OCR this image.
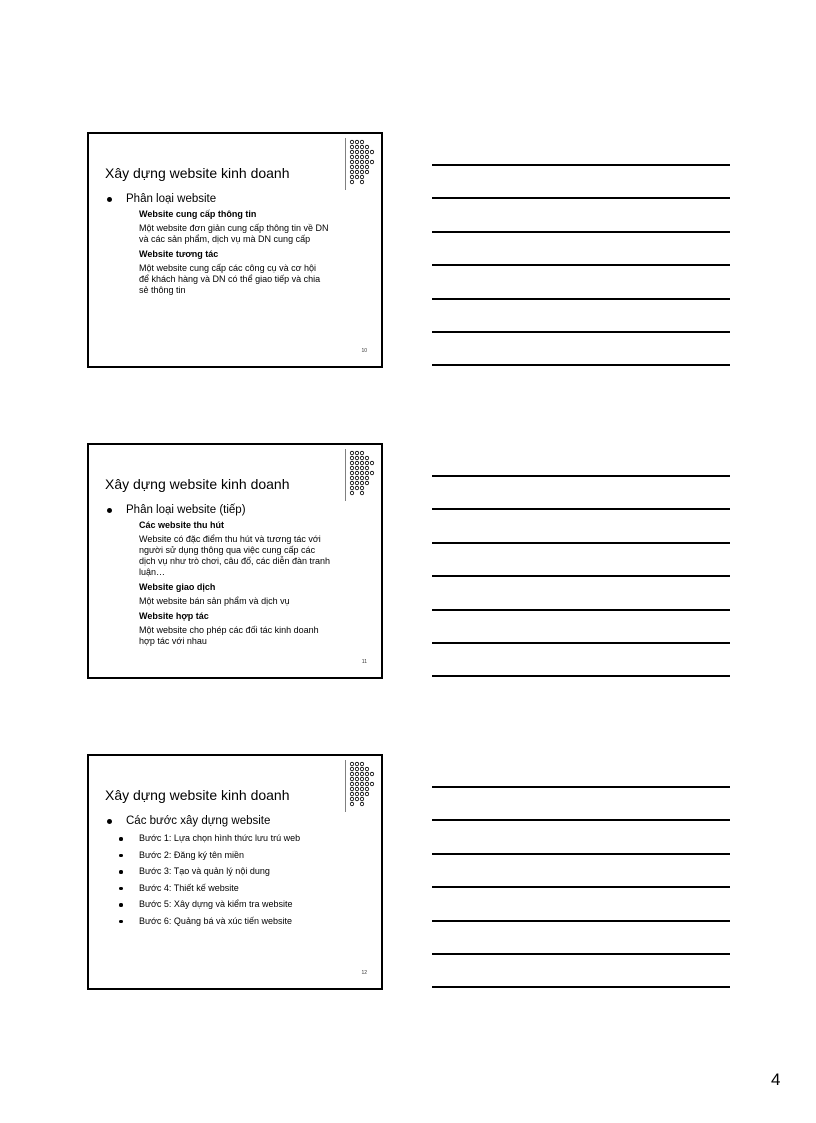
Xây dựng website kinh doanh
Phân loại website
Website cung cấp thông tin
Một website đơn giản cung cấp thông tin về DN
và các sản phẩm, dịch vụ mà DN cung cấp
Website tương tác
Một website cung cấp các công cụ và cơ hội
để khách hàng và DN có thể giao tiếp và chia
sẻ thông tin
10
Xây dựng website kinh doanh
Phân loại website (tiếp)
Các website thu hút
Website có đặc điểm thu hút và tương tác với
người sử dụng thông qua việc cung cấp các
dịch vụ như trò chơi, câu đố, các diễn đàn tranh
luận…
Website giao dịch
Một website bán sản phẩm và dịch vụ
Website hợp tác
Một website cho phép các đối tác kinh doanh
hợp tác với nhau
11
Xây dựng website kinh doanh
Các bước xây dựng website
Bước 1: Lựa chọn hình thức lưu trú web
Bước 2: Đăng ký tên miền
Bước 3: Tạo và quản lý nội dung
Bước 4: Thiết kế website
Bước 5: Xây dựng và kiểm tra website
Bước 6: Quảng bá và xúc tiến website
12
4
